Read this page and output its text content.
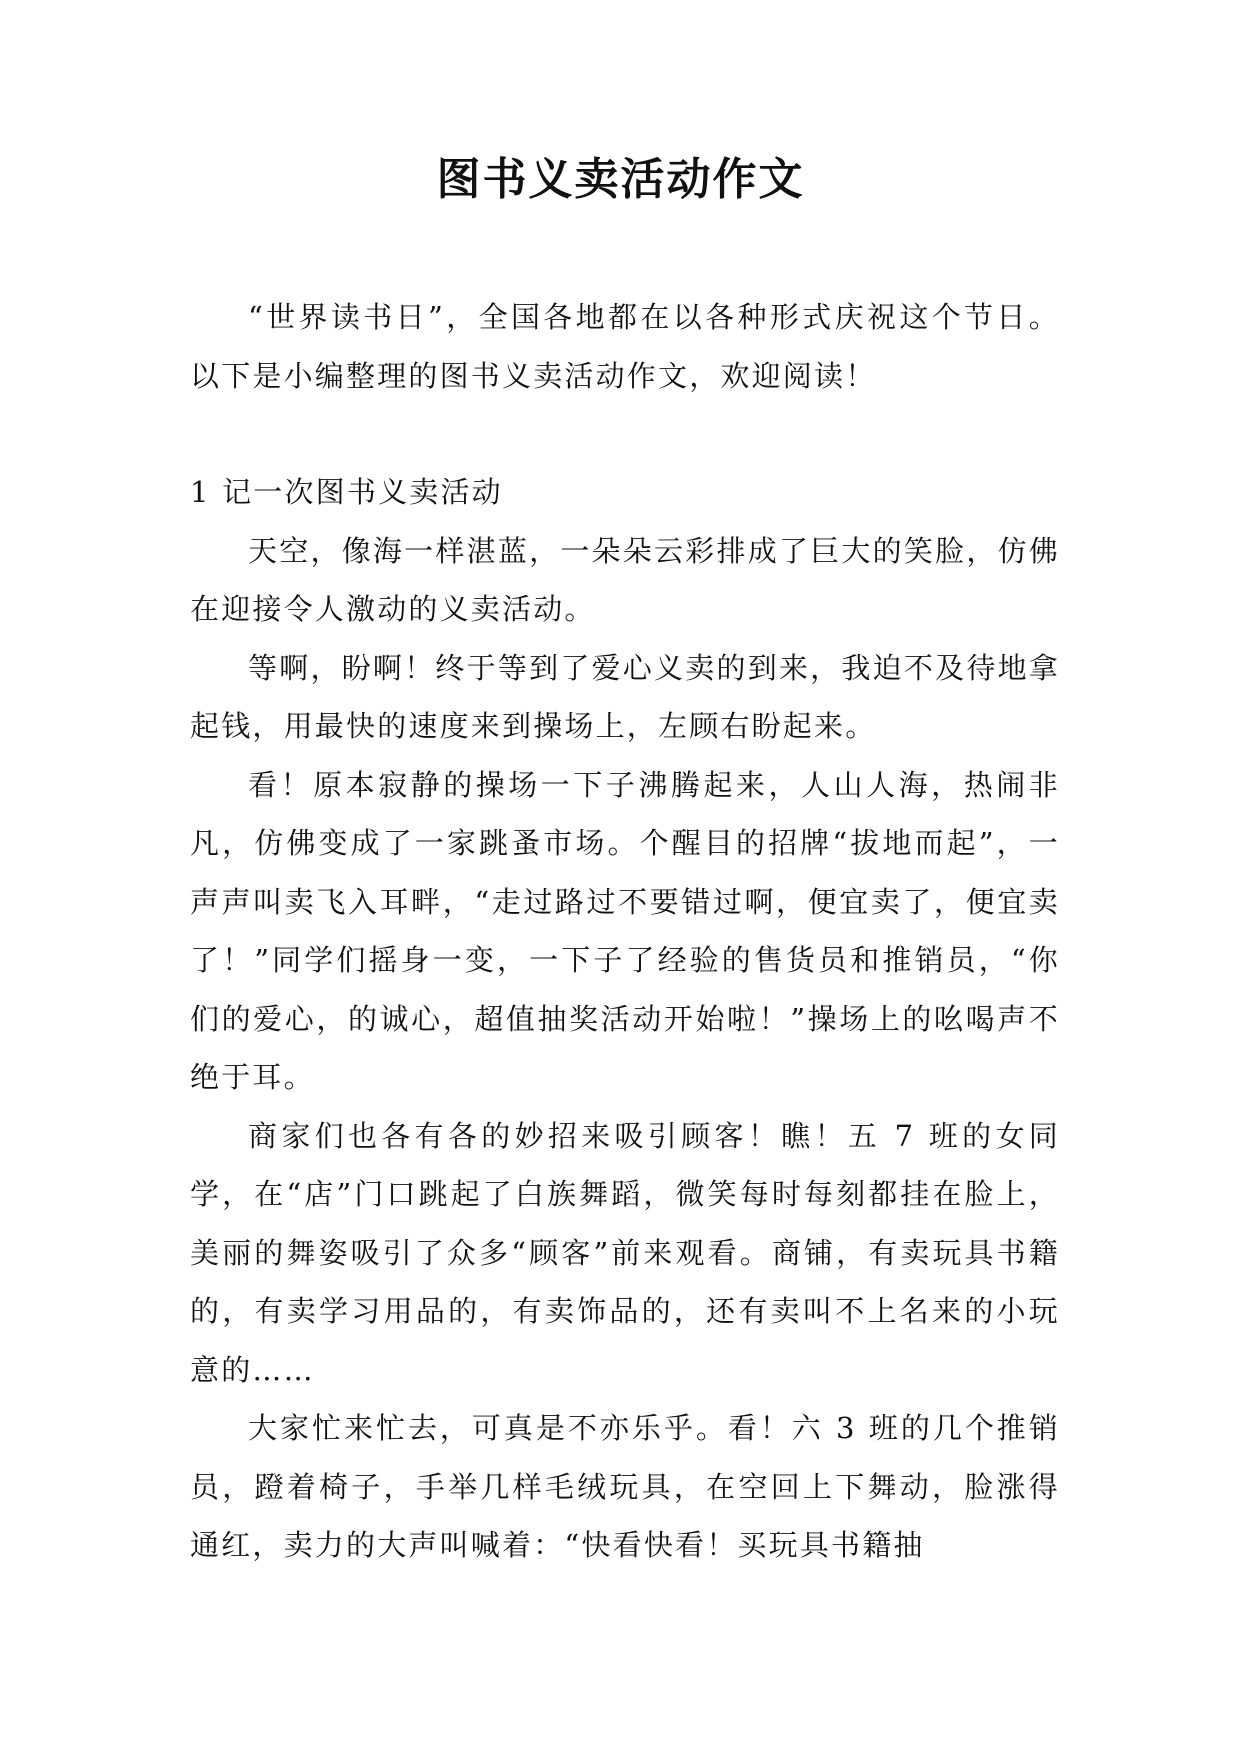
图书义卖活动作文

“世界读书日”，全国各地都在以各种形式庆祝这个节日。以下是小编整理的图书义卖活动作文，欢迎阅读！

1 记一次图书义卖活动

天空，像海一样湛蓝，一朵朵云彩排成了巨大的笑脸，仿佛在迎接令人激动的义卖活动。

等啊，盼啊！终于等到了爱心义卖的到来，我迫不及待地拿起钱，用最快的速度来到操场上，左顾右盼起来。

看！原本寂静的操场一下子沸腾起来，人山人海，热闹非凡，仿佛变成了一家跳蚤市场。个醒目的招牌“拔地而起”，一声声叫卖飞入耳畔，“走过路过不要错过啊，便宜卖了，便宜卖了！”同学们摇身一变，一下子了经验的售货员和推销员，“你们的爱心，的诚心，超值抽奖活动开始啦！”操场上的吆喝声不绝于耳。

商家们也各有各的妙招来吸引顾客！瞧！五 7 班的女同学，在“店”门口跳起了白族舞蹈，微笑每时每刻都挂在脸上，美丽的舞姿吸引了众多“顾客”前来观看。商铺，有卖玩具书籍的，有卖学习用品的，有卖饰品的，还有卖叫不上名来的小玩意的……

大家忙来忙去，可真是不亦乐乎。看！六 3 班的几个推销员，蹬着椅子，手举几样毛绒玩具，在空回上下舞动，脸涨得通红，卖力的大声叫喊着：“快看快看！买玩具书籍抽
